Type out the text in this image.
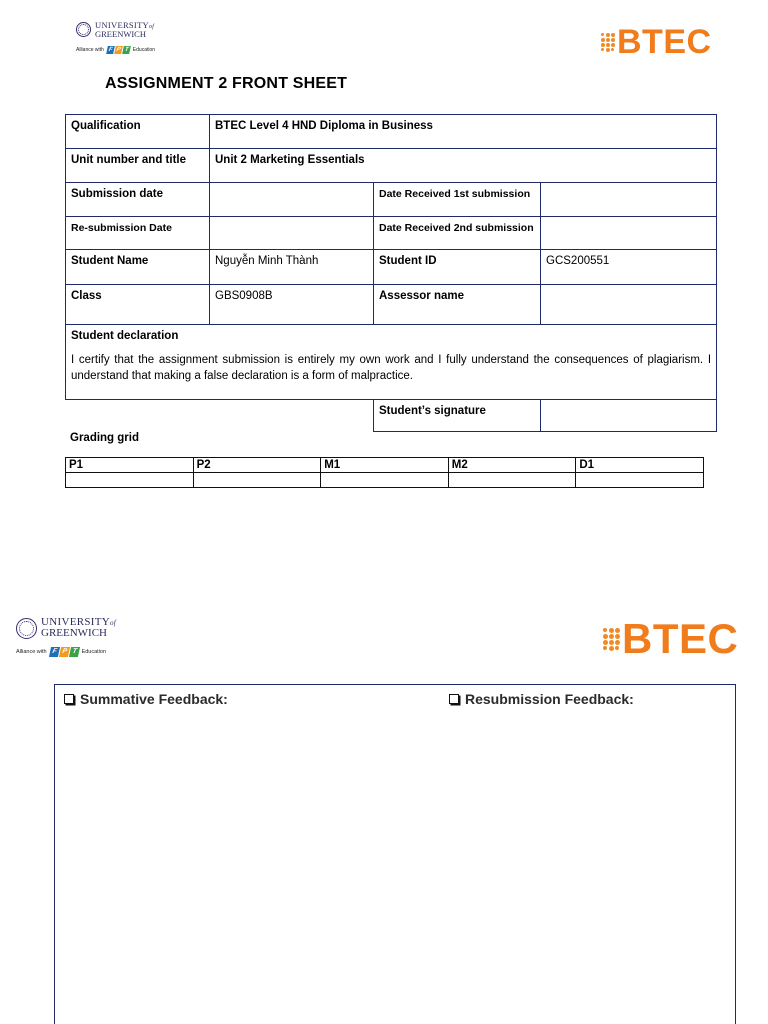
UNIVERSITYof
GREENWICH
Alliance with F P T Education	BTEC
ASSIGNMENT 2 FRONT SHEET
Qualification	BTEC Level 4 HND Diploma in Business		
Unit number and title	Unit 2 Marketing Essentials		
Submission date		Date Received 1st submission	
Re-submission Date		Date Received 2nd submission	
Student Name	Nguyễn Minh Thành	Student ID	GCS200551
Class	GBS0908B	Assessor name	

Student declaration
I certify that the assignment submission is entirely my own work and I fully understand the consequences of plagiarism. I understand that making a false declaration is a form of malpractice.			

		Student’s signature	
Grading grid
P1	P2	M1	M2	D1

UNIVERSITYof
GREENWICH
Alliance with F P T Education	BTEC
Summative Feedback:	Resubmission Feedback:
